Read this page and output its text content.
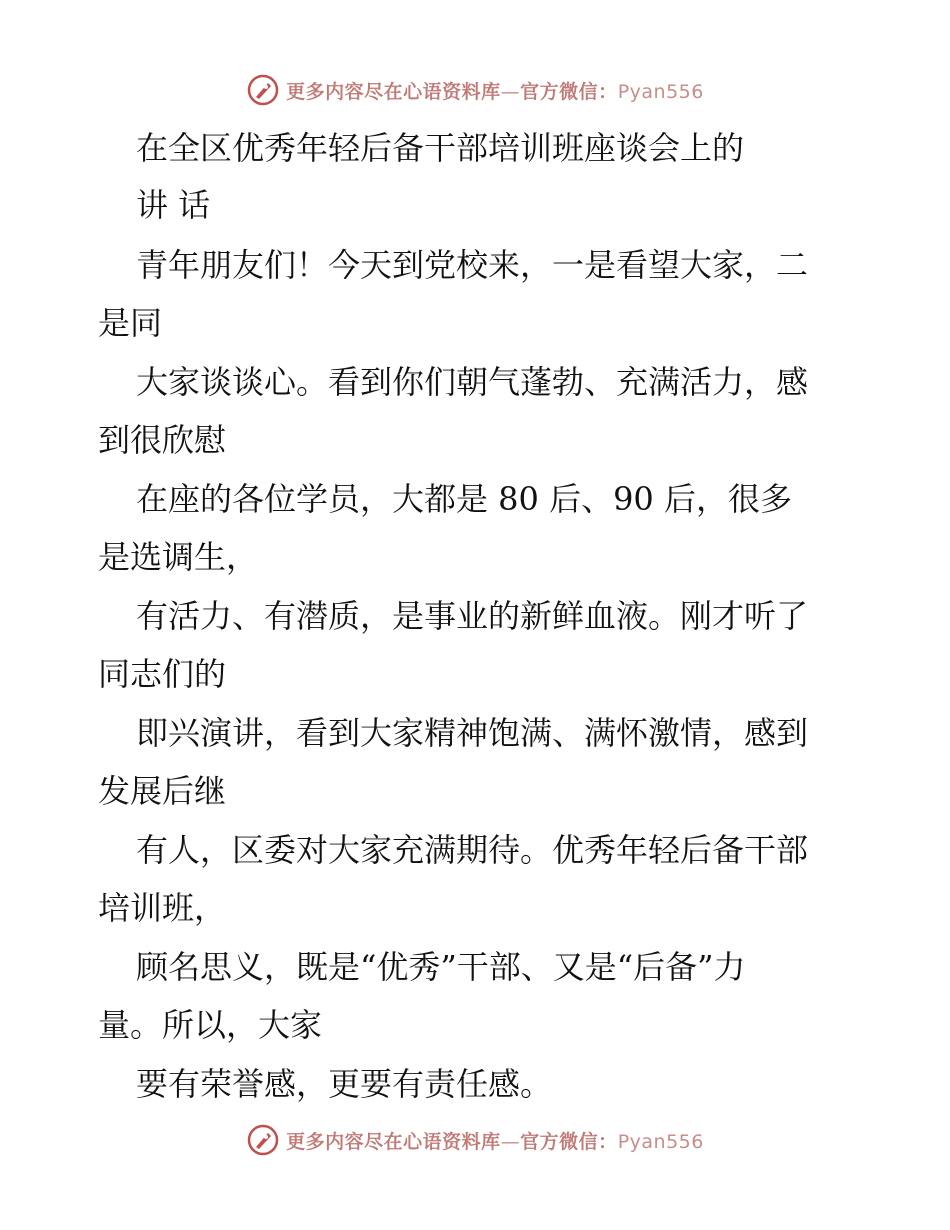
更多内容尽在心语资料库—官方微信：Pyan556
在全区优秀年轻后备干部培训班座谈会上的
讲 话
青年朋友们！今天到党校来，一是看望大家，二
是同
大家谈谈心。看到你们朝气蓬勃、充满活力，感
到很欣慰
在座的各位学员，大都是 80 后、90 后，很多
是选调生，
有活力、有潜质，是事业的新鲜血液。刚才听了
同志们的
即兴演讲，看到大家精神饱满、满怀激情，感到
发展后继
有人，区委对大家充满期待。优秀年轻后备干部
培训班，
顾名思义，既是“优秀”干部、又是“后备”力
量。所以，大家
要有荣誉感，更要有责任感。
更多内容尽在心语资料库—官方微信：Pyan556
